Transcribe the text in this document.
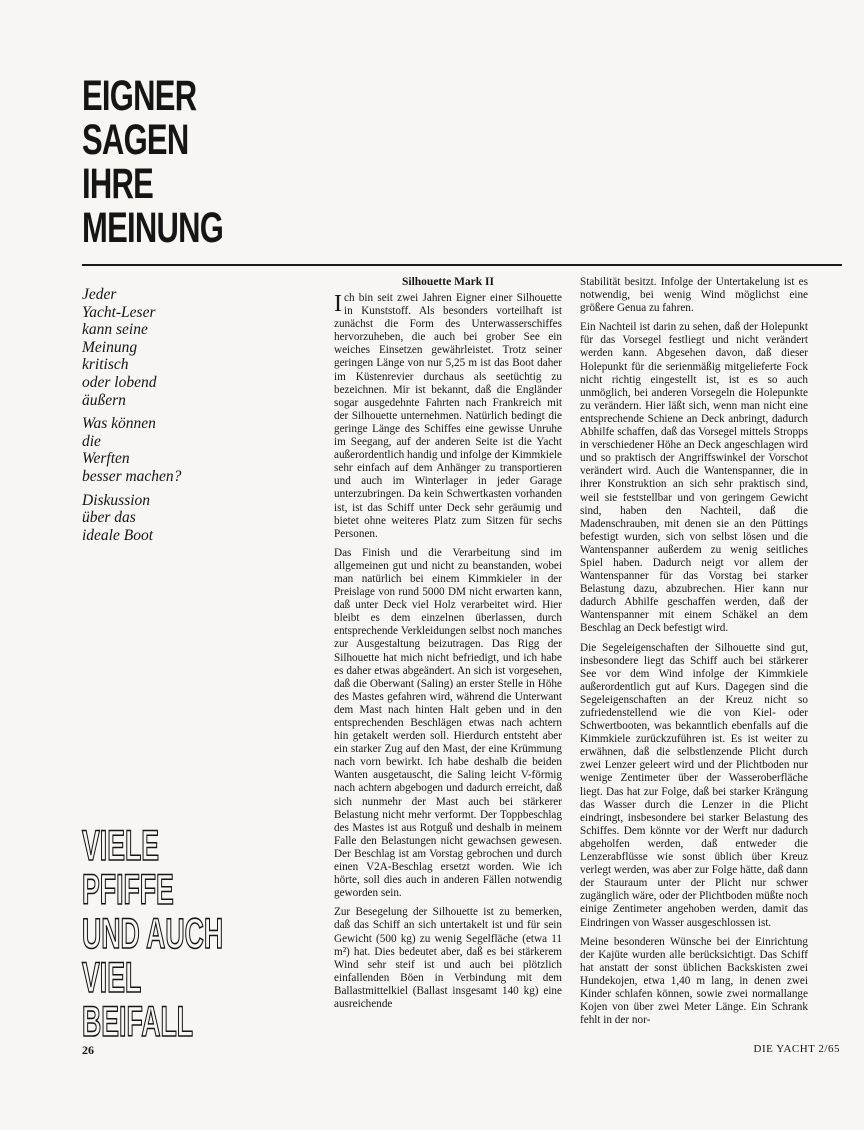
EIGNER
SAGEN
IHRE
MEINUNG
Jeder
Yacht-Leser
kann seine
Meinung
kritisch
oder lobend
äußern
Was können
die
Werften
besser machen?
Diskussion
über das
ideale Boot
Silhouette Mark II

Ich bin seit zwei Jahren Eigner einer Silhouette in Kunststoff. Als besonders vorteilhaft ist zunächst die Form des Unterwasserschiffes hervorzuheben, die auch bei grober See ein weiches Einsetzen gewährleistet. Trotz seiner geringen Länge von nur 5,25 m ist das Boot daher im Küstenrevier durchaus als seetüchtig zu bezeichnen. Mir ist bekannt, daß die Engländer sogar ausgedehnte Fahrten nach Frankreich mit der Silhouette unternehmen. Natürlich bedingt die geringe Länge des Schiffes eine gewisse Unruhe im Seegang, auf der anderen Seite ist die Yacht außerordentlich handig und infolge der Kimmkiele sehr einfach auf dem Anhänger zu transportieren und auch im Winterlager in jeder Garage unterzubringen. Da kein Schwertkasten vorhanden ist, ist das Schiff unter Deck sehr geräumig und bietet ohne weiteres Platz zum Sitzen für sechs Personen.

Das Finish und die Verarbeitung sind im allgemeinen gut und nicht zu beanstanden, wobei man natürlich bei einem Kimmkieler in der Preislage von rund 5000 DM nicht erwarten kann, daß unter Deck viel Holz verarbeitet wird. Hier bleibt es dem einzelnen überlassen, durch entsprechende Verkleidungen selbst noch manches zur Ausgestaltung beizutragen. Das Rigg der Silhouette hat mich nicht befriedigt, und ich habe es daher etwas abgeändert. An sich ist vorgesehen, daß die Oberwant (Saling) an erster Stelle in Höhe des Mastes gefahren wird, während die Unterwant dem Mast nach hinten Halt geben und in den entsprechenden Beschlägen etwas nach achtern hin getakelt werden soll. Hierdurch entsteht aber ein starker Zug auf den Mast, der eine Krümmung nach vorn bewirkt. Ich habe deshalb die beiden Wanten ausgetauscht, die Saling leicht V-förmig nach achtern abgebogen und dadurch erreicht, daß sich nunmehr der Mast auch bei stärkerer Belastung nicht mehr verformt. Der Toppbeschlag des Mastes ist aus Rotguß und deshalb in meinem Falle den Belastungen nicht gewachsen gewesen. Der Beschlag ist am Vorstag gebrochen und durch einen V2A-Beschlag ersetzt worden. Wie ich hörte, soll dies auch in anderen Fällen notwendig geworden sein.

Zur Besegelung der Silhouette ist zu bemerken, daß das Schiff an sich untertakelt ist und für sein Gewicht (500 kg) zu wenig Segelfläche (etwa 11 m²) hat. Dies bedeutet aber, daß es bei stärkerem Wind sehr steif ist und auch bei plötzlich einfallenden Böen in Verbindung mit dem Ballastmittelkiel (Ballast insgesamt 140 kg) eine ausreichende

Stabilität besitzt. Infolge der Untertakelung ist es notwendig, bei wenig Wind möglichst eine größere Genua zu fahren.

Ein Nachteil ist darin zu sehen, daß der Holepunkt für das Vorsegel festliegt und nicht verändert werden kann. Abgesehen davon, daß dieser Holepunkt für die serienmäßig mitgelieferte Fock nicht richtig eingestellt ist, ist es so auch unmöglich, bei anderen Vorsegeln die Holepunkte zu verändern. Hier läßt sich, wenn man nicht eine entsprechende Schiene an Deck anbringt, dadurch Abhilfe schaffen, daß das Vorsegel mittels Stropps in verschiedener Höhe an Deck angeschlagen wird und so praktisch der Angriffswinkel der Vorschot verändert wird. Auch die Wantenspanner, die in ihrer Konstruktion an sich sehr praktisch sind, weil sie feststellbar und von geringem Gewicht sind, haben den Nachteil, daß die Madenschrauben, mit denen sie an den Püttings befestigt wurden, sich von selbst lösen und die Wantenspanner außerdem zu wenig seitliches Spiel haben. Dadurch neigt vor allem der Wantenspanner für das Vorstag bei starker Belastung dazu, abzubrechen. Hier kann nur dadurch Abhilfe geschaffen werden, daß der Wantenspanner mit einem Schäkel an dem Beschlag an Deck befestigt wird.

Die Segeleigenschaften der Silhouette sind gut, insbesondere liegt das Schiff auch bei stärkerer See vor dem Wind infolge der Kimmkiele außerordentlich gut auf Kurs. Dagegen sind die Segeleigenschaften an der Kreuz nicht so zufriedenstellend wie die von Kiel- oder Schwertbooten, was bekanntlich ebenfalls auf die Kimmkiele zurückzuführen ist. Es ist weiter zu erwähnen, daß die selbstlenzende Plicht durch zwei Lenzer geleert wird und der Plichtboden nur wenige Zentimeter über der Wasseroberfläche liegt. Das hat zur Folge, daß bei starker Krängung das Wasser durch die Lenzer in die Plicht eindringt, insbesondere bei starker Belastung des Schiffes. Dem könnte vor der Werft nur dadurch abgeholfen werden, daß entweder die Lenzerabflüsse wie sonst üblich über Kreuz verlegt werden, was aber zur Folge hätte, daß dann der Stauraum unter der Plicht nur schwer zugänglich wäre, oder der Plichtboden müßte noch einige Zentimeter angehoben werden, damit das Eindringen von Wasser ausgeschlossen ist.

Meine besonderen Wünsche bei der Einrichtung der Kajüte wurden alle berücksichtigt. Das Schiff hat anstatt der sonst üblichen Backskisten zwei Hundekojen, etwa 1,40 m lang, in denen zwei Kinder schlafen können, sowie zwei normallange Kojen von über zwei Meter Länge. Ein Schrank fehlt in der nor-

VIELE
PFIFFE
UND AUCH
VIEL
BEIFALL
26	DIE YACHT 2/65
